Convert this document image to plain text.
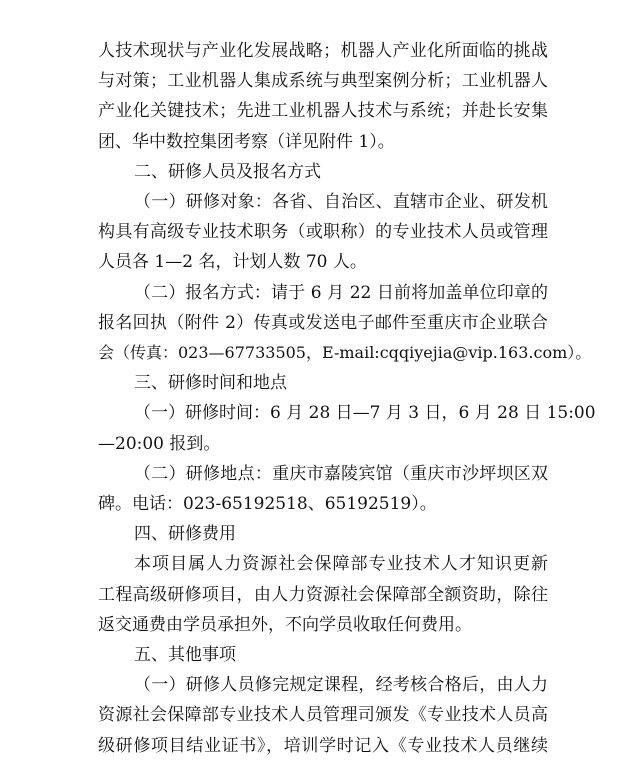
人技术现状与产业化发展战略；机器人产业化所面临的挑战
与对策；工业机器人集成系统与典型案例分析；工业机器人
产业化关键技术；先进工业机器人技术与系统；并赴长安集
团、华中数控集团考察（详见附件 1）。
二、研修人员及报名方式
（一）研修对象：各省、自治区、直辖市企业、研发机
构具有高级专业技术职务（或职称）的专业技术人员或管理
人员各 1—2 名，计划人数 70 人。
（二）报名方式：请于 6 月 22 日前将加盖单位印章的
报名回执（附件 2）传真或发送电子邮件至重庆市企业联合
会（传真：023—67733505，E-mail:cqqiyejia@vip.163.com）。
三、研修时间和地点
（一）研修时间：6 月 28 日—7 月 3 日，6 月 28 日 15:00
—20:00 报到。
（二）研修地点：重庆市嘉陵宾馆（重庆市沙坪坝区双
碑。电话：023-65192518、65192519）。
四、研修费用
本项目属人力资源社会保障部专业技术人才知识更新
工程高级研修项目，由人力资源社会保障部全额资助，除往
返交通费由学员承担外，不向学员收取任何费用。
五、其他事项
（一）研修人员修完规定课程，经考核合格后，由人力
资源社会保障部专业技术人员管理司颁发《专业技术人员高
级研修项目结业证书》，培训学时记入《专业技术人员继续
